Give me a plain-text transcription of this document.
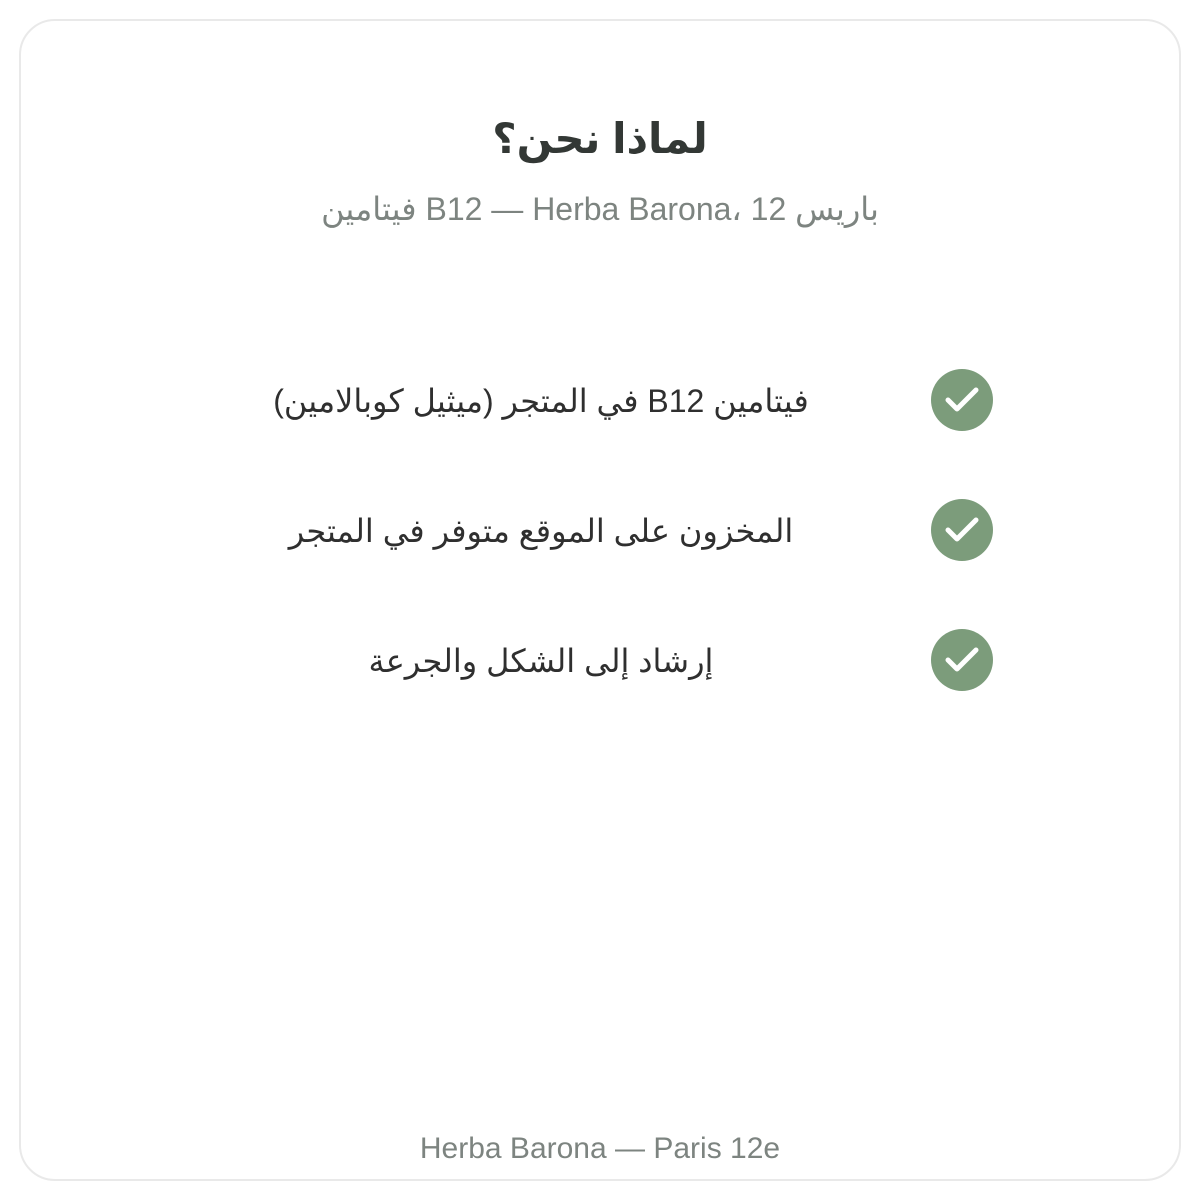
لماذا نحن؟

فيتامين B12 — Herba Barona، باريس 12

فيتامين B12 في المتجر (ميثيل كوبالامين)
المخزون على الموقع متوفر في المتجر
إرشاد إلى الشكل والجرعة

Herba Barona — Paris 12e
